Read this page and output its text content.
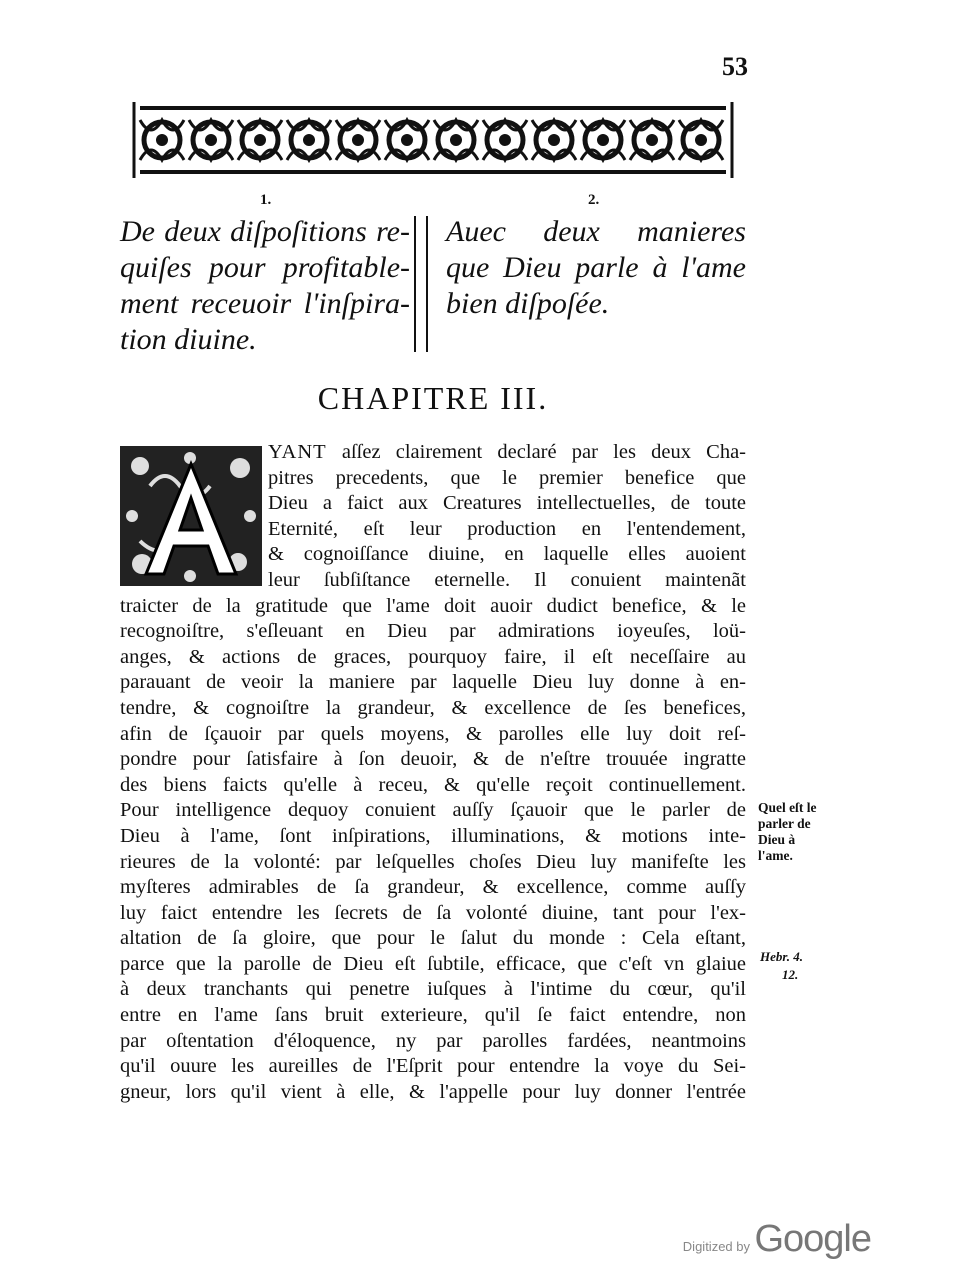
53
1.	2.
De deux diſpoſitions re-
quiſes pour profitable-
ment receuoir l'inſpira-
tion diuine.
Auec deux manieres
que Dieu parle à l'ame
bien diſpoſée.
CHAPITRE III.
YANT aſſez clairement declaré par les deux Cha-
pitres precedents, que le premier benefice que
Dieu a faict aux Creatures intellectuelles, de toute
Eternité, eſt leur production en l'entendement,
& cognoiſſance diuine, en laquelle elles auoient
leur ſubſiſtance eternelle. Il conuient maintenãt
traicter de la gratitude que l'ame doit auoir dudict benefice, & le
recognoiſtre, s'eſleuant en Dieu par admirations ioyeuſes, loü-
anges, & actions de graces, pourquoy faire, il eſt neceſſaire au
parauant de veoir la maniere par laquelle Dieu luy donne à en-
tendre, & cognoiſtre la grandeur, & excellence de ſes benefices,
afin de ſçauoir par quels moyens, & parolles elle luy doit reſ-
pondre pour ſatisfaire à ſon deuoir, & de n'eſtre trouuée ingratte
des biens faicts qu'elle à receu, & qu'elle reçoit continuellement.
Pour intelligence dequoy conuient auſſy ſçauoir que le parler de
Dieu à l'ame, ſont inſpirations, illuminations, & motions inte-
rieures de la volonté: par leſquelles choſes Dieu luy manifeſte les
myſteres admirables de ſa grandeur, & excellence, comme auſſy
luy faict entendre les ſecrets de ſa volonté diuine, tant pour l'ex-
altation de ſa gloire, que pour le ſalut du monde : Cela eſtant,
parce que la parolle de Dieu eſt ſubtile, efficace, que c'eſt vn glaiue
à deux tranchants qui penetre iuſques à l'intime du cœur, qu'il
entre en l'ame ſans bruit exterieure, qu'il ſe faict entendre, non
par oſtentation d'éloquence, ny par parolles fardées, neantmoins
qu'il ouure les aureilles de l'Eſprit pour entendre la voye du Sei-
gneur, lors qu'il vient à elle, & l'appelle pour luy donner l'entrée
Quel eſt le
parler de
Dieu à
l'ame.
Hebr. 4.
12.
Digitized by Google
